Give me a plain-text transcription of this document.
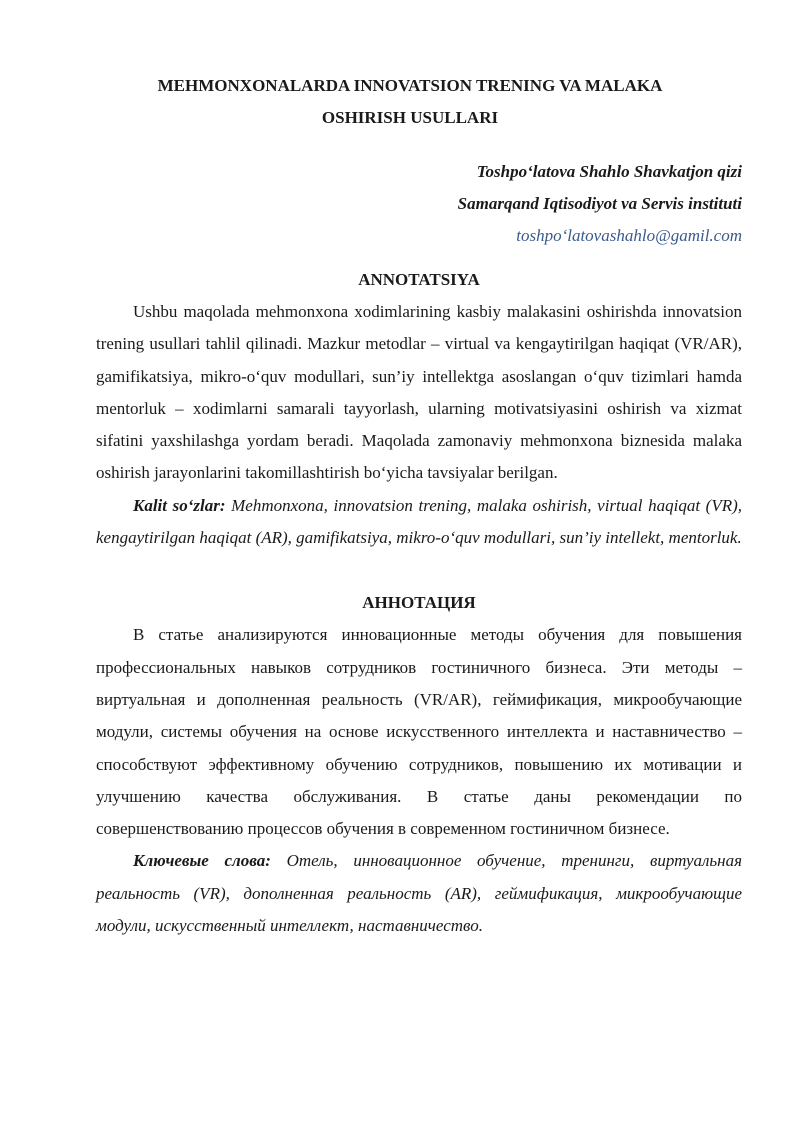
MEHMONXONALARDA INNOVATSION TRENING VA MALAKA
OSHIRISH USULLARI
Toshpo‘latova Shahlo Shavkatjon qizi
Samarqand Iqtisodiyot va Servis instituti
toshpo‘latovashahlo@gamil.com
ANNOTATSIYA

Ushbu maqolada mehmonxona xodimlarining kasbiy malakasini oshirishda innovatsion trening usullari tahlil qilinadi. Mazkur metodlar – virtual va kengaytirilgan haqiqat (VR/AR), gamifikatsiya, mikro-o‘quv modullari, sun’iy intellektga asoslangan o‘quv tizimlari hamda mentorluk – xodimlarni samarali tayyorlash, ularning motivatsiyasini oshirish va xizmat sifatini yaxshilashga yordam beradi. Maqolada zamonaviy mehmonxona biznesida malaka oshirish jarayonlarini takomillashtirish bo‘yicha tavsiyalar berilgan.

Kalit so‘zlar: Mehmonxona, innovatsion trening, malaka oshirish, virtual haqiqat (VR), kengaytirilgan haqiqat (AR), gamifikatsiya, mikro-o‘quv modullari, sun’iy intellekt, mentorluk.

АННОТАЦИЯ

В статье анализируются инновационные методы обучения для повышения профессиональных навыков сотрудников гостиничного бизнеса. Эти методы – виртуальная и дополненная реальность (VR/AR), геймификация, микрообучающие модули, системы обучения на основе искусственного интеллекта и наставничество – способствуют эффективному обучению сотрудников, повышению их мотивации и улучшению качества обслуживания. В статье даны рекомендации по совершенствованию процессов обучения в современном гостиничном бизнесе.

Ключевые слова: Отель, инновационное обучение, тренинги, виртуальная реальность (VR), дополненная реальность (AR), геймификация, микрообучающие модули, искусственный интеллект, наставничество.
